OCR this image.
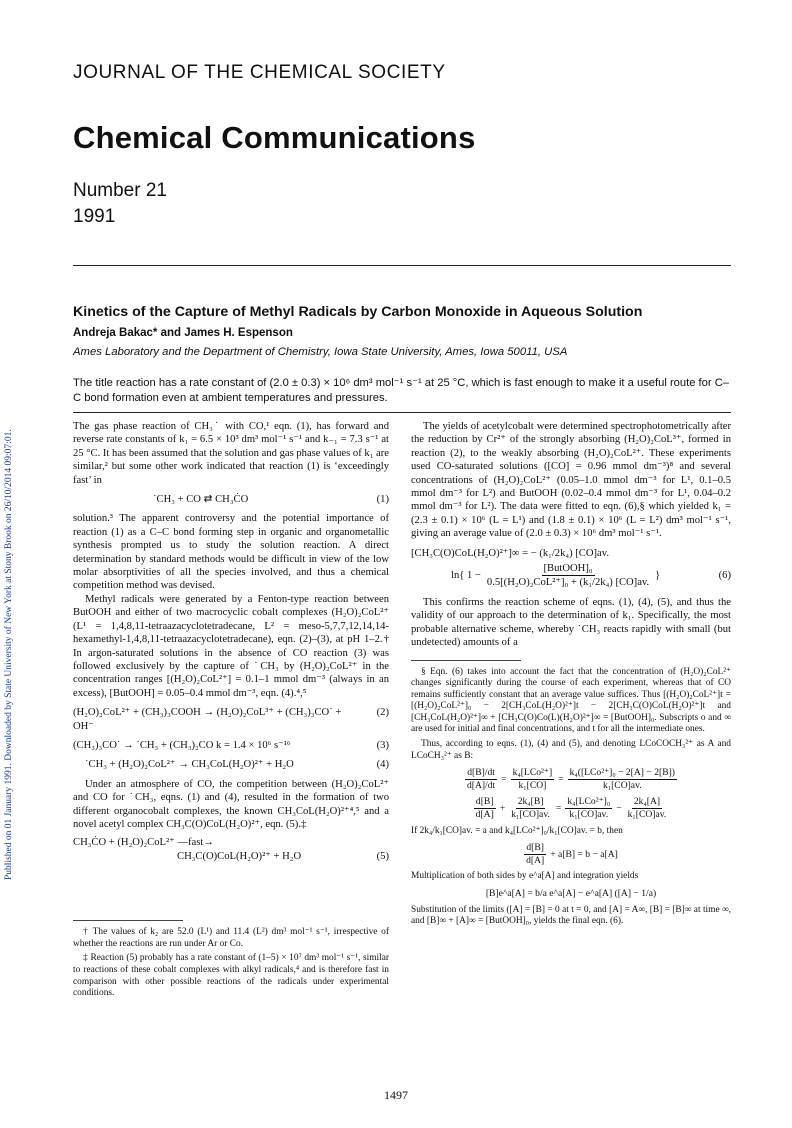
Published on 01 January 1991. Downloaded by State University of New York at Stony Brook on 26/10/2014 09:07:01.
JOURNAL OF THE CHEMICAL SOCIETY
Chemical Communications
Number 21
1991
Kinetics of the Capture of Methyl Radicals by Carbon Monoxide in Aqueous Solution
Andreja Bakac* and James H. Espenson
Ames Laboratory and the Department of Chemistry, Iowa State University, Ames, Iowa 50011, USA
The title reaction has a rate constant of (2.0 ± 0.3) × 10⁶ dm³ mol⁻¹ s⁻¹ at 25 °C, which is fast enough to make it a useful route for C–C bond formation even at ambient temperatures and pressures.

The gas phase reaction of CH₃˙ with CO,¹ eqn. (1), has forward and reverse rate constants of k₁ = 6.5 × 10³ dm³ mol⁻¹ s⁻¹ and k₋₁ = 7.3 s⁻¹ at 25 °C. It has been assumed that the solution and gas phase values of k₁ are similar,² but some other work indicated that reaction (1) is ‘exceedingly fast’ in

˙CH₃ + CO ⇄ CH₃ĊO	(1)

solution.³ The apparent controversy and the potential importance of reaction (1) as a C–C bond forming step in organic and organometallic synthesis prompted us to study the solution reaction. A direct determination by standard methods would be difficult in view of the low molar absorptivities of all the species involved, and thus a chemical competition method was devised.

Methyl radicals were generated by a Fenton-type reaction between ButOOH and either of two macrocyclic cobalt complexes (H₂O)₂CoL²⁺ (L¹ = 1,4,8,11-tetraazacyclotetradecane, L² = meso-5,7,7,12,14,14-hexamethyl-1,4,8,11-tetraazacyclotetradecane), eqn. (2)–(3), at pH 1–2.† In argon-saturated solutions in the absence of CO reaction (3) was followed exclusively by the capture of ˙CH₃ by (H₂O)₂CoL²⁺ in the concentration ranges [(H₂O)₂CoL²⁺] = 0.1–1 mmol dm⁻³ (always in an excess), [ButOOH] = 0.05–0.4 mmol dm⁻³, eqn. (4).⁴,⁵

(H₂O)₂CoL²⁺ + (CH₃)₃COOH → (H₂O)₂CoL³⁺ + (CH₃)₃CO˙ + OH⁻
(2)
(CH₃)₃CO˙ → ˙CH₃ + (CH₃)₂CO k = 1.4 × 10⁶ s⁻¹⁶	(3)
˙CH₃ + (H₂O)₂CoL²⁺ → CH₃CoL(H₂O)²⁺ + H₂O	(4)

Under an atmosphere of CO, the competition between (H₂O)₂CoL²⁺ and CO for ˙CH₃, eqns. (1) and (4), resulted in the formation of two different organocobalt complexes, the known CH₃CoL(H₂O)²⁺⁴,⁵ and a novel acetyl complex CH₃C(O)CoL(H₂O)²⁺, eqn. (5).‡

CH₃ĊO + (H₂O)₂CoL²⁺ —fast→
CH₃C(O)CoL(H₂O)²⁺ + H₂O	(5)

† The values of k₂ are 52.0 (L¹) and 11.4 (L²) dm³ mol⁻¹ s⁻¹, irrespective of whether the reactions are run under Ar or Co.

‡ Reaction (5) probably has a rate constant of (1–5) × 10⁷ dm³ mol⁻¹ s⁻¹, similar to reactions of these cobalt complexes with alkyl radicals,⁴ and is therefore fast in comparison with other possible reactions of the radicals under experimental conditions.

The yields of acetylcobalt were determined spectrophotometrically after the reduction by Cr²⁺ of the strongly absorbing (H₂O)₂CoL³⁺, formed in reaction (2), to the weakly absorbing (H₂O)₂CoL²⁺. These experiments used CO-saturated solutions ([CO] = 0.96 mmol dm⁻³)⁸ and several concentrations of (H₂O)₂CoL²⁺ (0.05–1.0 mmol dm⁻³ for L¹, 0.1–0.5 mmol dm⁻³ for L²) and ButOOH (0.02–0.4 mmol dm⁻³ for L¹, 0.04–0.2 mmol dm⁻³ for L²). The data were fitted to eqn. (6),§ which yielded k₁ = (2.3 ± 0.1) × 10⁶ (L = L¹) and (1.8 ± 0.1) × 10⁶ (L = L²) dm³ mol⁻¹ s⁻¹, giving an average value of (2.0 ± 0.3) × 10⁶ dm³ mol⁻¹ s⁻¹.

[CH₃C(O)CoL(H₂O)²⁺]∞ = − (k₁/2k₄) [CO]av.
ln{ $1 - \frac{\text{[ButOOH]₀}}{\text{0.5[(H₂O)₂CoL²⁺]₀ + (k₁/2k₄) [CO]av.}}$ }	(6)

This confirms the reaction scheme of eqns. (1), (4), (5), and thus the validity of our approach to the determination of k₁. Specifically, the most probable alternative scheme, whereby ˙CH₃ reacts rapidly with small (but undetected) amounts of a

§ Eqn. (6) takes into account the fact that the concentration of (H₂O)₂CoL²⁺ changes significantly during the course of each experiment, whereas that of CO remains sufficiently constant that an average value suffices. Thus [(H₂O)₂CoL²⁺]t = [(H₂O)₂CoL²⁺]₀ − 2[CH₃CoL(H₂O)²⁺]t − 2[CH₃C(O)CoL(H₂O)²⁺]t and [CH₃CoL(H₂O)²⁺]∞ + [CH₃C(O)Co(L)(H₂O)²⁺]∞ = [ButOOH]₀. Subscripts o and ∞ are used for initial and final concentrations, and t for all the intermediate ones.

Thus, according to eqns. (1), (4) and (5), and denoting LCoCOCH₃²⁺ as A and LCoCH₃²⁺ as B:

$\frac{d[B]/dt}{d[A]/dt} = \frac{\text{k₄[LCo²⁺]}}{\text{k₁[CO]}} = \frac{\text{k₄([LCo²⁺]₀ − 2[A] − 2[B])}}{\text{k₁[CO]av.}}$
$\frac{d[B]}{d[A]} + \frac{\text{2k₄[B]}}{\text{k₁[CO]av.}} = \frac{\text{k₄[LCo²⁺]₀}}{\text{k₁[CO]av.}} - \frac{\text{2k₄[A]}}{\text{k₁[CO]av.}}$

If 2k₄/k₁[CO]av. = a and k₄[LCo²⁺]₀/k₁[CO]av. = b, then

$\frac{d[B]}{d[A]} + a[B] = b - a[A]$

Multiplication of both sides by e^a[A] and integration yields

[B]e^a[A] = b/a e^a[A] − e^a[A] ([A] − 1/a)

Substitution of the limits ([A] = [B] = 0 at t = 0, and [A] = A∞, [B] = [B]∞ at time ∞, and [B]∞ + [A]∞ = [ButOOH]₀, yields the final eqn. (6).

1497
